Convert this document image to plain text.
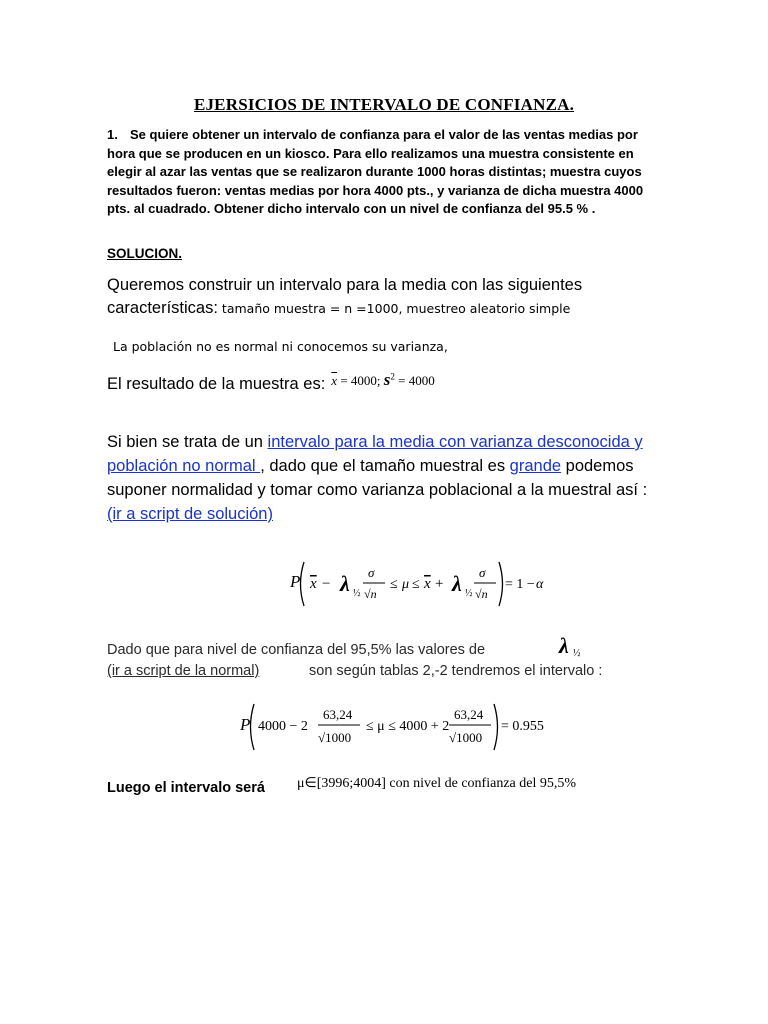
EJERSICIOS DE INTERVALO DE CONFIANZA.
1. Se quiere obtener un intervalo de confianza para el valor de las ventas medias por hora que se producen en un kiosco. Para ello realizamos una muestra consistente en elegir al azar las ventas que se realizaron durante 1000 horas distintas; muestra cuyos resultados fueron: ventas medias por hora 4000 pts., y varianza de dicha muestra 4000 pts. al cuadrado. Obtener dicho intervalo con un nivel de confianza del 95.5 % .
SOLUCION.
Queremos construir un intervalo para la media con las siguientes
características: tamaño muestra = n =1000, muestreo aleatorio simple
La población no es normal ni conocemos su varianza,
El resultado de la muestra es: $^{\overline{x} = 4000; s^2 = 4000}$
Si bien se trata de un intervalo para la media con varianza desconocida y población no normal , dado que el tamaño muestral es grande podemos suponer normalidad y tomar como varianza poblacional a la muestral así :
(ir a script de solución)
P x − λ ½
σ
√n
≤ μ ≤ x + λ ½
σ
√n
= 1 − α
Dado que para nivel de confianza del 95,5% las valores de	λ ½
(ir a script de la normal)	son según tablas 2,-2 tendremos el intervalo :
P 4000 − 2
63,24
√1000
≤ μ ≤ 4000 + 2
63,24
√1000
= 0.955
Luego el intervalo será μ∈[3996;4004] con nivel de confianza del 95,5%
